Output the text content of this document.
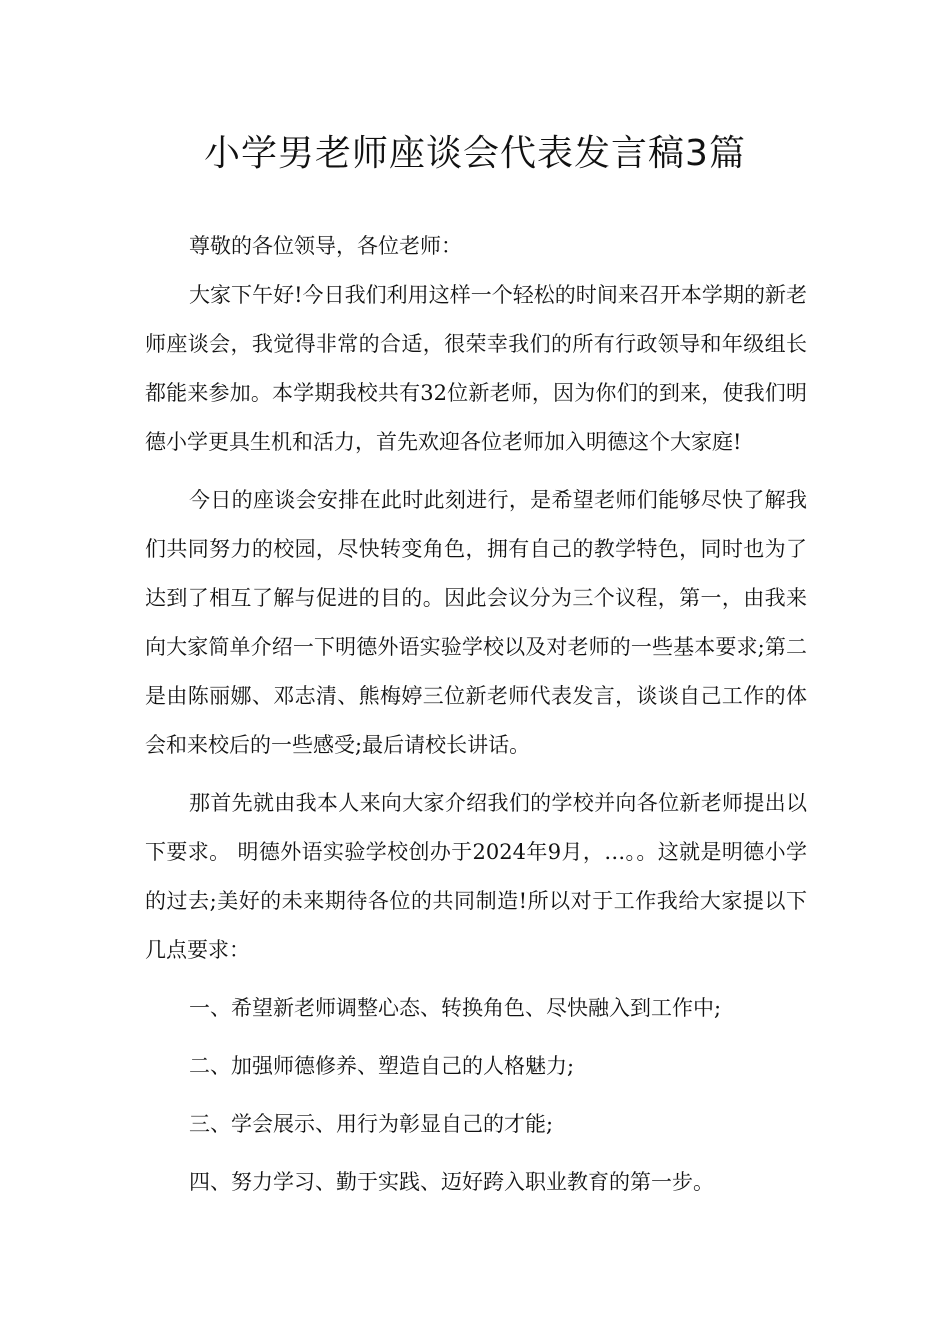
小学男老师座谈会代表发言稿3篇

尊敬的各位领导，各位老师：

大家下午好!今日我们利用这样一个轻松的时间来召开本学期的新老师座谈会，我觉得非常的合适，很荣幸我们的所有行政领导和年级组长都能来参加。本学期我校共有32位新老师，因为你们的到来，使我们明德小学更具生机和活力，首先欢迎各位老师加入明德这个大家庭!

今日的座谈会安排在此时此刻进行，是希望老师们能够尽快了解我们共同努力的校园，尽快转变角色，拥有自己的教学特色，同时也为了达到了相互了解与促进的目的。因此会议分为三个议程，第一，由我来向大家简单介绍一下明德外语实验学校以及对老师的一些基本要求;第二是由陈丽娜、邓志清、熊梅婷三位新老师代表发言，谈谈自己工作的体会和来校后的一些感受;最后请校长讲话。

那首先就由我本人来向大家介绍我们的学校并向各位新老师提出以下要求。 明德外语实验学校创办于2024年9月，…。。这就是明德小学的过去;美好的未来期待各位的共同制造!所以对于工作我给大家提以下几点要求：

一、希望新老师调整心态、转换角色、尽快融入到工作中;

二、加强师德修养、塑造自己的人格魅力;

三、学会展示、用行为彰显自己的才能;

四、努力学习、勤于实践、迈好跨入职业教育的第一步。
